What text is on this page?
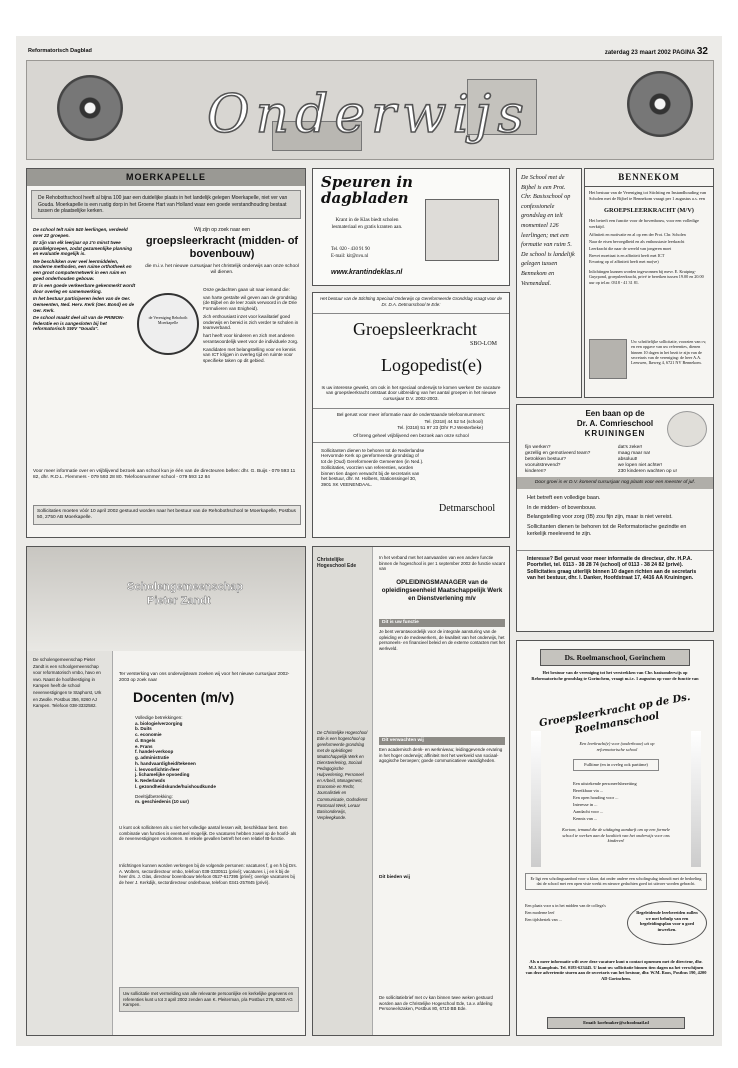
Reformatorisch Dagblad	zaterdag 23 maart 2002 PAGINA 32
Onderwijs
MOERKAPELLE
De Rehobothschool heeft al bijna 100 jaar een duidelijke plaats in het landelijk gelegen Moerkapelle, niet ver van Gouda. Moerkapelle is een rustig dorp in het Groene Hart van Holland waar een goede verstandhouding bestaat tussen de plaatselijke kerken.
De school telt ruim 540 leerlingen, verdeeld over 22 groepen.
Er zijn van elk leerjaar op z'n minst twee parallelgroepen, zodat gezamenlijke planning en evaluatie mogelijk is.
We beschikken over veel leermiddelen, moderne methoden, een ruime orthotheek en een groot computernetwerk in een ruim en goed onderhouden gebouw.
Er is een goede verkeerbare gekenmerkt wordt door overleg en samenwerking.
In het bestuur participeren leden van de Ger. Gemeenten, Ned. Herv. Kerk (Ger. Bond) en de Ger. Kerk.
De school maakt deel uit van de PRIMON-federatie en is aangesloten bij het reformatorisch SWV "Gouda".
Wij zijn op zoek naar een
groepsleerkracht (midden- of bovenbouw)
die m.i.v. het nieuwe cursusjaar het christelijk onderwijs aan onze school wil dienen.
de Vereniging Rehoboth Moerkapelle
Onze gedachten gaan uit naar iemand die:
van harte gestalte wil geven aan de grondslag (de Bijbel en de leer zoals verwoord in de Drie Formulieren van Enigheid).
zich enthousiast inzet voor kwalitatief goed onderwijs en bereid is zich verder te scholen in teamverband.
hart heeft voor kinderen en zich met anderen verantwoordelijk weet voor de individuele zorg.
Kandidaten met belangstelling voor en kennis van ICT krijgen in overleg tijd en ruimte voor specifieke taken op dit gebied.
Voor meer informatie over en vrijblijvend bezoek aan school kun je één van de directeuren bellen: dhr. G. Buijs - 079 593 11 82, dhr. R.D.L. Flemmers - 079 593 28 80. Telefoonnummer school - 079 593 12 84
Sollicitaties moeten vóór 10 april 2002 gestuurd worden naar het bestuur van de Rehobothschool te Moerkapelle, Postbus 50, 2750 AB Moerkapelle.
Speuren in
dagbladen
Krant in de Klas biedt scholen lesmateriaal en gratis kranten aan.
Tel. 020 - 430 91 90
E-mail: kit@nvu.nl
www.krantindeklas.nl
De School met de Bijbel is een Prot. Chr. Basisschool op confessionele grondslag en telt momenteel 126 leerlingen; met een formatie van ruim 5. De school is landelijk gelegen tussen Bennekom en Veenendaal.
BENNEKOM
Het bestuur van de Vereniging tot Stichting en Instandhouding van Scholen met de Bijbel te Bennekom vraagt per 1 augustus a.s. een
GROEPSLEERKRACHT (M/V)
Het betreft een functie voor de bovenbouw, voor een volledige werktijd.
Affiniteit en motivatie en al op een der Prot. Chr. Scholen
Naar de eisen bevoegdheid en als enthousiaste leerkracht
Leerkracht die naar de wereld van jongeren moet
Brevet moettaat is en affiniteit heeft met ICT
Ervaring op of affiniteit heeft met mo(ve)
Inlichtingen kunnen worden ingewonnen bij mevr. E. Kruiping-Guyrpond, groepsleerkracht, privé te bereiken tussen 19.00 en 20.00 uur op tel.nr. 0318 - 41 31 81.
Uw schriftelijke sollicitatie, voorzien van cv, en een opgave van uw referenties, dienen binnen 10 dagen in het bezit te zijn van de secretaris van de vereniging: de heer A.A. Leeuwen, Ikeweg 4, 6721 NV Bennekom.
Het bestuur van de Stichting Speciaal Onderwijs op Gereformeerde Grondslag vraagt voor de Dr. D.A. Detmarschool te Ede:
Groepsleerkracht
SBO-LOM
Logopedist(e)
Is uw interesse gewekt, om ook in het speciaal onderwijs te komen werken! De vacature van groepsleerkracht ontstaat door uitbreiding van het aantal groepen in het nieuwe cursusjaar D.V. 2002-2003.
Bel gerust voor meer informatie naar de onderstaande telefoonnummers:
Tel. (0318) 44 52 54 (school)
Tel. (0318) 51 97 23 (Dhr P.J Westerbeke)
Of breng geheel vrijblijvend een bezoek aan onze school
Sollicitanten dienen te behoren tot de Nederlandse Hervormde Kerk op gereformeerde grondslag of tot de (Oud) Gereformeerde Gemeenten (in Ned.). Sollicitaties, voorzien van referenties, worden binnen tien dagen verwacht bij de secretaris van het bestuur, dhr. M. Holbers, Stationssingel 30, 3901 XK VEENENDAAL.
Detmarschool
Een baan op de
Dr. A. Comrieschool
KRUININGEN
fijn werken?
gezellig en gemotiveerd team?
betrokken bestuur?
vooruitstrevend?
kinderen?
dat's zeker!
maag maar na!
absoluut!
we lopen niet achter!
230 kinderen wachten op u!
Door groei is er D.V. komend cursusjaar nog plaats voor een meester of juf.
Het betreft een volledige baan.
In de midden- of bovenbouw.
Belangstelling voor zorg (IB) zou fijn zijn, maar is niet vereist.
Sollicitanten dienen te behoren tot de Reformatorische gezindte en kerkelijk meelevend te zijn.
Interesse? Bel gerust voor meer informatie de directeur, dhr. H.P.A. Poortvliet, tel. 0113 - 38 28 74 (school) of 0113 - 38 24 82 (privé). Sollicitaties graag uiterlijk binnen 10 dagen richten aan de secretaris van het bestuur, dhr. I. Danker, Hoofdstraat 17, 4416 AA Kruiningen.
Scholengemeenschap
Pieter Zandt
De scholengemeenschap Pieter Zandt is een schoolgemeenschap voor reformatorisch vmbo, havo en vwo. Naast de hoofdvestiging in Kampen heeft de school nevenvestigingen te Staphorst, Urk en Zwolle. Postbus 356, 8260 AJ Kampen. Telefoon 038-3332582.
Ter versterking van ons onderwijsteam zoeken wij voor het nieuwe cursusjaar 2002-2003 op zoek naar
Docenten (m/v)
Volledige betrekkingen:
a. biologie/verzorging
b. Duits
c. economie
d. Engels
e. Frans
f. handel-verkoop
g. administratie
h. handvaardigheid/tekenen
i. lesvoorlichtin-/leer
j. lichamelijke opvoeding
k. Nederlands
l. gezondheidskunde/huishoudkunde
Deeltijdbetrekking:
m. geschiedenis (10 uur)
U kunt ook solliciteren als u niet het volledige aantal lessen wilt, beschikbaar bent. Een combinatie van functies is eventueel mogelijk. De vacatures hebben zowel op de hoofd- als de nevenvestigingen voorkomen. In enkele gevallen betreft het een relatief IB-functie.
Inlichtingen kunnen worden verkregen bij de volgende personen: vacatures f, g en h bij Drs. A. Wolters, sectordirecteur vmbo, telefoon 038-3330511 (privé); vacatures i, j en k bij de heer drs. J. Glas, directeur bovenbouw telefoon 0527-617395 (privé); overige vacatures bij de heer J. Kerkdijk, sectordirecteur onderbouw, telefoon 0341-257845 (privé).
Uw sollicitatie met vermelding van alle relevante persoonlijke en kerkelijke gegevens en referenties kunt u tot 3 april 2002 zenden aan K. Pleiterman, p/a Postbus 279, 8260 AG Kampen.
Christelijke Hogeschool Ede
De Christelijke Hogeschool Ede is een hogeschool op gereformeerde grondslag met de opleidingen Maatschappelijk Werk en Dienstverlening, Sociaal Pedagogische Hulpverlening, Personeel en Arbeid, Management, Economie en Recht, Journalistiek en Communicatie, Godsdienst Pastoraal Werk, Leraar Basisonderwijs, Verpleegkunde.
In het verband met het aanvaarden van een andere functie binnen de hogeschool is per 1 september 2002 de functie vacant van
OPLEIDINGSMANAGER van de opleidingseenheid Maatschappelijk Werk en Dienstverlening m/v
Dit is uw functie
Je bent verantwoordelijk voor de integrale aansturing van de opleiding en de medewerkers, de kwaliteit van het onderwijs, het personeels- en financieel beleid en de externe contacten met het werkveld.
Dit verwachten wij
Een academisch denk- en werkniveau; leidinggevende ervaring in het hoger onderwijs; affiniteit met het werkveld van sociaal-agogische beroepen; goede communicatieve vaardigheden.
Dit bieden wij
De sollicitatiebrief met cv kan binnen twee weken gestuurd worden aan de Christelijke Hogeschool Ede, t.a.v. afdeling Personeelszaken, Postbus 80, 6710 BB Ede.
Ds. Roelmanschool, Gorinchem
Het bestuur van de vereniging tot het verstrekken van Chr. basisonderwijs op Reformatorische grondslag te Gorinchem, vraagt m.i.v. 1 augustus op voor de functie van
Groepsleerkracht op de Ds. Roelmanschool
Een leerkracht(e) voor (onderbouw) uit op reformatorische school
Fulltime (en in oveleg ook parttime)
Een uitstekende personeelsbezetting
Bereikbaar via ...
Een open houding voor ...
Interesse in ...
Aandacht voor ...
Kennis van ...
Kortom, iemand die de uitdaging aandurft om op een formele school te werken aan de kwaliteit van het onderwijs voor ons kinderen!
Er ligt een scholingsaanbod voor u klaar, dat onder andere een scholingsdag inhoudt met de bedoeling dat de school met een open visie werkt en nieuwe gedachten goed tot uitvoer worden gebracht.
Een plaats voor u in het midden van de collega's
Een moderne leef
Een tijdsbestek van ...
Begeleidende leerbereiden zullen we met behulp van een begeleidingsplan voor u goed inwerken.
Als u meer informatie wilt over deze vacature kunt u contact opnemen met de directeur, dhr. M.J. Kamphuis. Tel. 0183-623445. U kunt uw sollicitatie binnen tien dagen na het verschijnen van deze advertentie sturen aan de secretaris van het bestuur, dhr. W.M. Roos, Postbus 190, 4200 AD Gorinchem.
Email: korfmaker@schoolmail.nl
